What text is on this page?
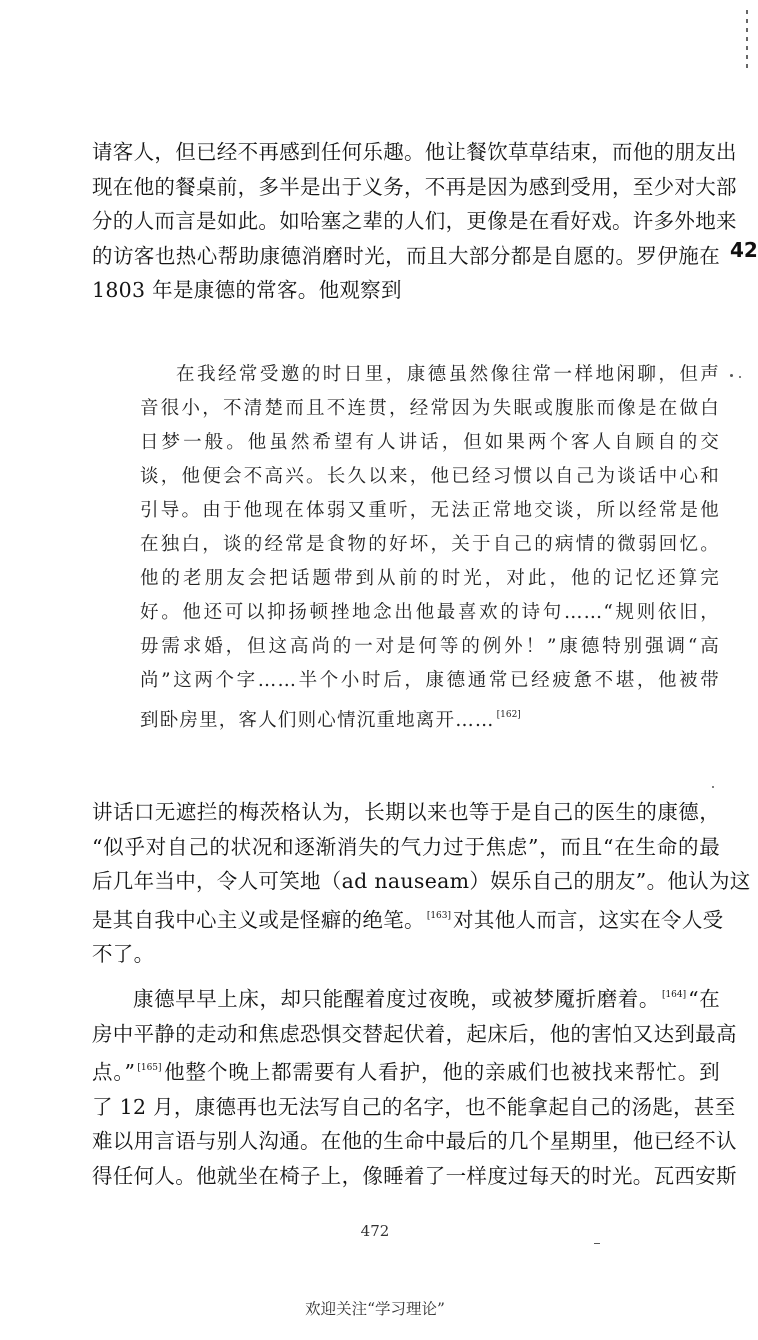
请客人，但已经不再感到任何乐趣。他让餐饮草草结束，而他的朋友出
现在他的餐桌前，多半是出于义务，不再是因为感到受用，至少对大部
分的人而言是如此。如哈塞之辈的人们，更像是在看好戏。许多外地来
的访客也热心帮助康德消磨时光，而且大部分都是自愿的。罗伊施在
1803 年是康德的常客。他观察到
42
在我经常受邀的时日里，康德虽然像往常一样地闲聊，但声
音很小，不清楚而且不连贯，经常因为失眠或腹胀而像是在做白
日梦一般。他虽然希望有人讲话，但如果两个客人自顾自的交
谈，他便会不高兴。长久以来，他已经习惯以自己为谈话中心和
引导。由于他现在体弱又重听，无法正常地交谈，所以经常是他
在独白，谈的经常是食物的好坏，关于自己的病情的微弱回忆。
他的老朋友会把话题带到从前的时光，对此，他的记忆还算完
好。他还可以抑扬顿挫地念出他最喜欢的诗句……“规则依旧，
毋需求婚，但这高尚的一对是何等的例外！”康德特别强调“高
尚”这两个字……半个小时后，康德通常已经疲惫不堪，他被带
到卧房里，客人们则心情沉重地离开…… [162]
讲话口无遮拦的梅茨格认为，长期以来也等于是自己的医生的康德，
“似乎对自己的状况和逐渐消失的气力过于焦虑”，而且“在生命的最
后几年当中，令人可笑地（ad nauseam）娱乐自己的朋友”。他认为这
是其自我中心主义或是怪癖的绝笔。 [163]对其他人而言，这实在令人受
不了。
康德早早上床，却只能醒着度过夜晚，或被梦魇折磨着。 [164]“在
房中平静的走动和焦虑恐惧交替起伏着，起床后，他的害怕又达到最高
点。” [165]他整个晚上都需要有人看护，他的亲戚们也被找来帮忙。到
了 12 月，康德再也无法写自己的名字，也不能拿起自己的汤匙，甚至
难以用言语与别人沟通。在他的生命中最后的几个星期里，他已经不认
得任何人。他就坐在椅子上，像睡着了一样度过每天的时光。瓦西安斯
472
欢迎关注“学习理论”
